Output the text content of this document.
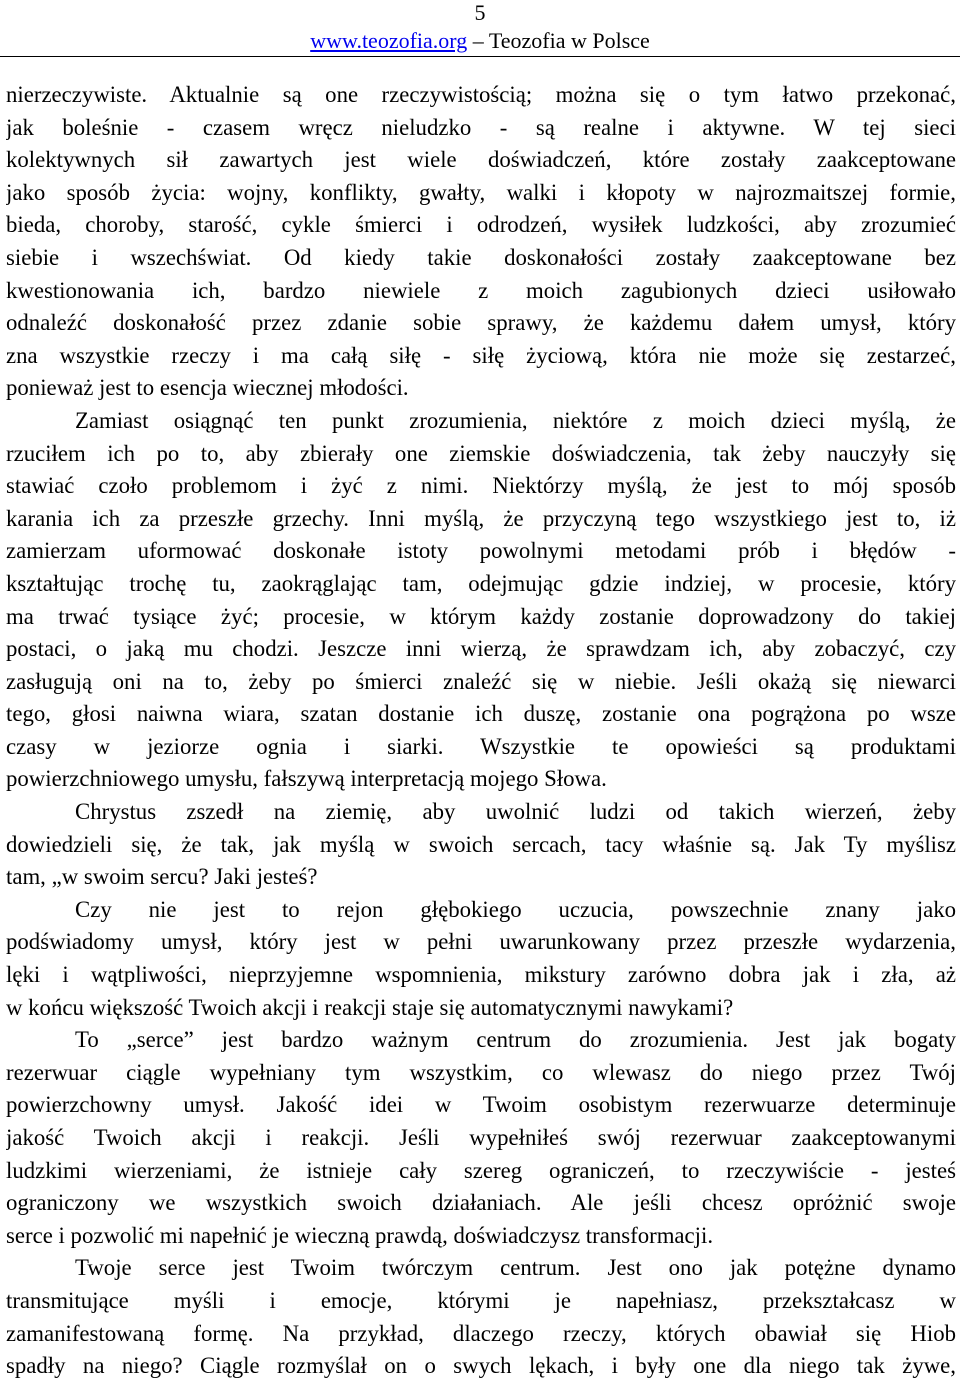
5
www.teozofia.org – Teozofia w Polsce
nierzeczywiste. Aktualnie są one rzeczywistością; można się o tym łatwo przekonać,
jak boleśnie - czasem wręcz nieludzko - są realne i aktywne. W tej sieci
kolektywnych sił zawartych jest wiele doświadczeń, które zostały zaakceptowane
jako sposób życia: wojny, konflikty, gwałty, walki i kłopoty w najrozmaitszej formie,
bieda, choroby, starość, cykle śmierci i odrodzeń, wysiłek ludzkości, aby zrozumieć
siebie i wszechświat. Od kiedy takie doskonałości zostały zaakceptowane bez
kwestionowania ich, bardzo niewiele z moich zagubionych dzieci usiłowało
odnaleźć doskonałość przez zdanie sobie sprawy, że każdemu dałem umysł, który
zna wszystkie rzeczy i ma całą siłę - siłę życiową, która nie może się zestarzeć,
ponieważ jest to esencja wiecznej młodości.
Zamiast osiągnąć ten punkt zrozumienia, niektóre z moich dzieci myślą, że
rzuciłem ich po to, aby zbierały one ziemskie doświadczenia, tak żeby nauczyły się
stawiać czoło problemom i żyć z nimi. Niektórzy myślą, że jest to mój sposób
karania ich za przeszłe grzechy. Inni myślą, że przyczyną tego wszystkiego jest to, iż
zamierzam uformować doskonałe istoty powolnymi metodami prób i błędów -
kształtując trochę tu, zaokrąglając tam, odejmując gdzie indziej, w procesie, który
ma trwać tysiące żyć; procesie, w którym każdy zostanie doprowadzony do takiej
postaci, o jaką mu chodzi. Jeszcze inni wierzą, że sprawdzam ich, aby zobaczyć, czy
zasługują oni na to, żeby po śmierci znaleźć się w niebie. Jeśli okażą się niewarci
tego, głosi naiwna wiara, szatan dostanie ich duszę, zostanie ona pogrążona po wsze
czasy w jeziorze ognia i siarki. Wszystkie te opowieści są produktami
powierzchniowego umysłu, fałszywą interpretacją mojego Słowa.
Chrystus zszedł na ziemię, aby uwolnić ludzi od takich wierzeń, żeby
dowiedzieli się, że tak, jak myślą w swoich sercach, tacy właśnie są. Jak Ty myślisz
tam, „w swoim sercu? Jaki jesteś?
Czy nie jest to rejon głębokiego uczucia, powszechnie znany jako
podświadomy umysł, który jest w pełni uwarunkowany przez przeszłe wydarzenia,
lęki i wątpliwości, nieprzyjemne wspomnienia, mikstury zarówno dobra jak i zła, aż
w końcu większość Twoich akcji i reakcji staje się automatycznymi nawykami?
To „serce” jest bardzo ważnym centrum do zrozumienia. Jest jak bogaty
rezerwuar ciągle wypełniany tym wszystkim, co wlewasz do niego przez Twój
powierzchowny umysł. Jakość idei w Twoim osobistym rezerwuarze determinuje
jakość Twoich akcji i reakcji. Jeśli wypełniłeś swój rezerwuar zaakceptowanymi
ludzkimi wierzeniami, że istnieje cały szereg ograniczeń, to rzeczywiście - jesteś
ograniczony we wszystkich swoich działaniach. Ale jeśli chcesz opróżnić swoje
serce i pozwolić mi napełnić je wieczną prawdą, doświadczysz transformacji.
Twoje serce jest Twoim twórczym centrum. Jest ono jak potężne dynamo
transmitujące myśli i emocje, którymi je napełniasz, przekształcasz w
zamanifestowaną formę. Na przykład, dlaczego rzeczy, których obawiał się Hiob
spadły na niego? Ciągle rozmyślał on o swych lękach, i były one dla niego tak żywe,
